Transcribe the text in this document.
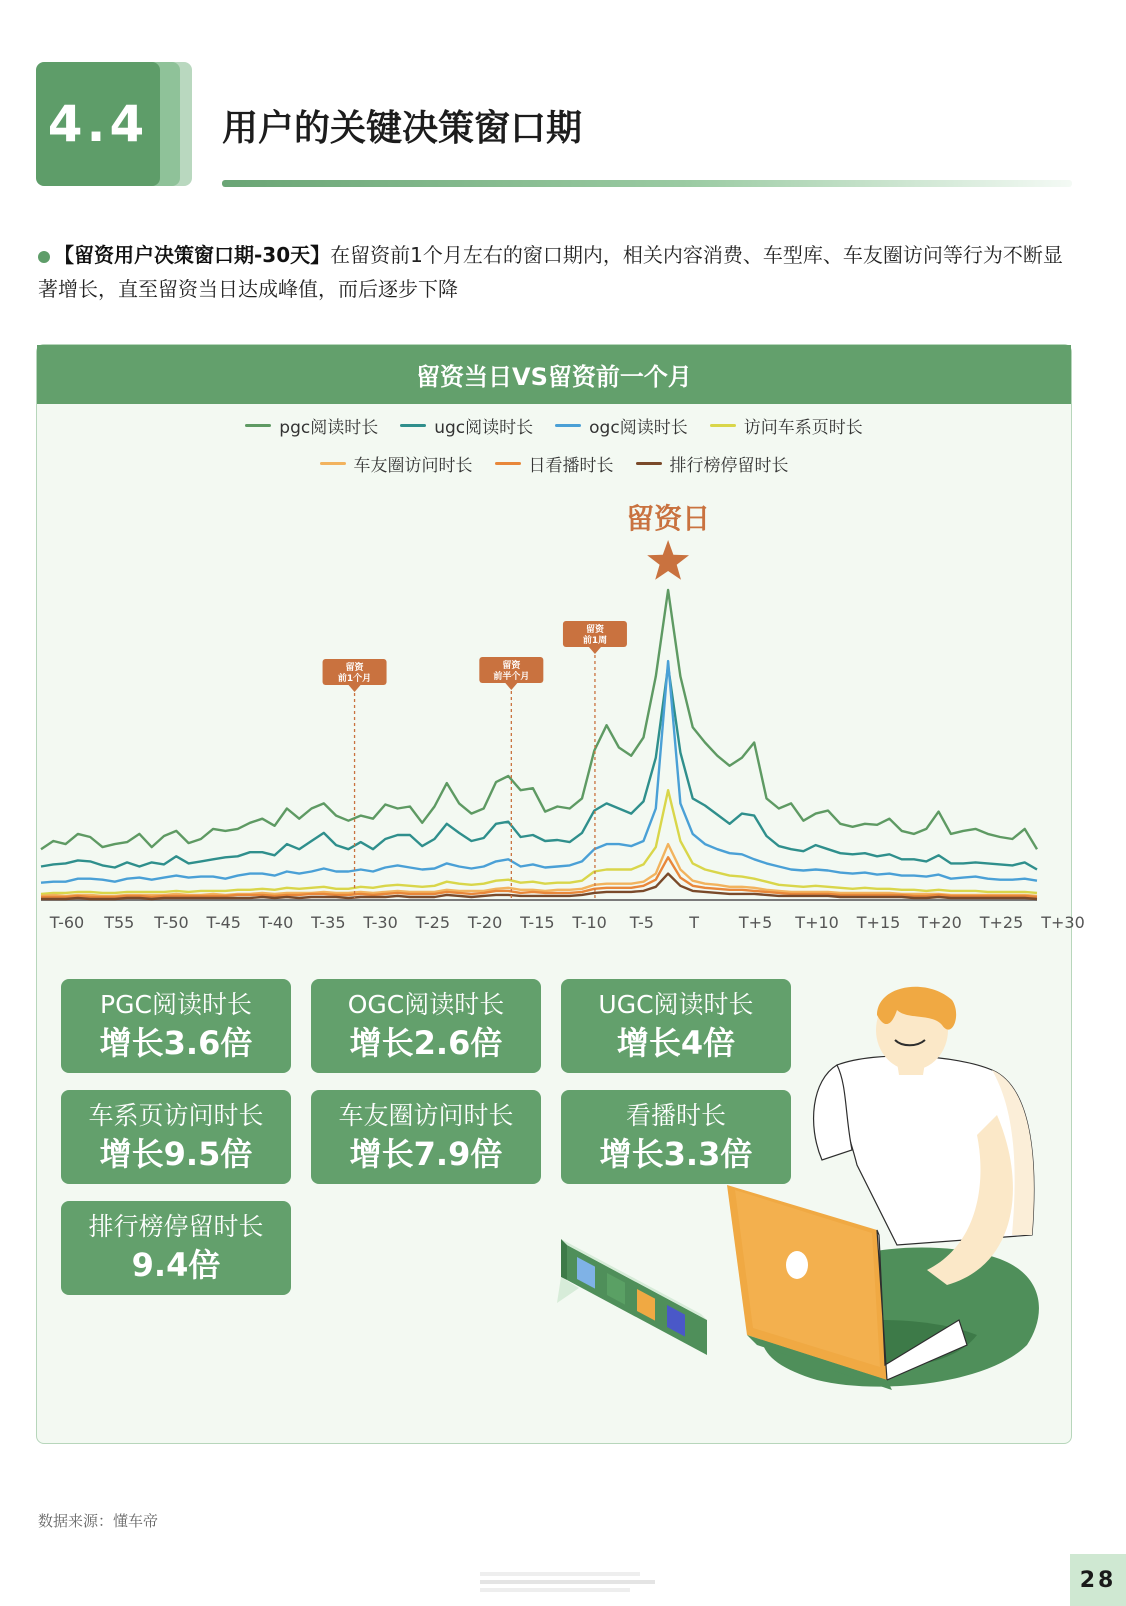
4.4	用户的关键决策窗口期
【留资用户决策窗口期-30天】在留资前1个月左右的窗口期内，相关内容消费、车型库、车友圈访问等行为不断显著增长，直至留资当日达成峰值，而后逐步下降
留资当日VS留资前一个月
pgc阅读时长	ugc阅读时长	ogc阅读时长	访问车系页时长
车友圈访问时长	日看播时长	排行榜停留时长
T-60 T55 T-50 T-45 T-40 T-35 T-30 T-25 T-20 T-15 T-10 T-5 T T+5 T+10 T+15 T+20 T+25 T+30
留资
前1个月
留资
前半个月
留资
前1周
留资日
PGC阅读时长
增长3.6倍
OGC阅读时长
增长2.6倍
UGC阅读时长
增长4倍
车系页访问时长
增长9.5倍
车友圈访问时长
增长7.9倍
看播时长
增长3.3倍
排行榜停留时长
9.4倍
数据来源：懂车帝
28
